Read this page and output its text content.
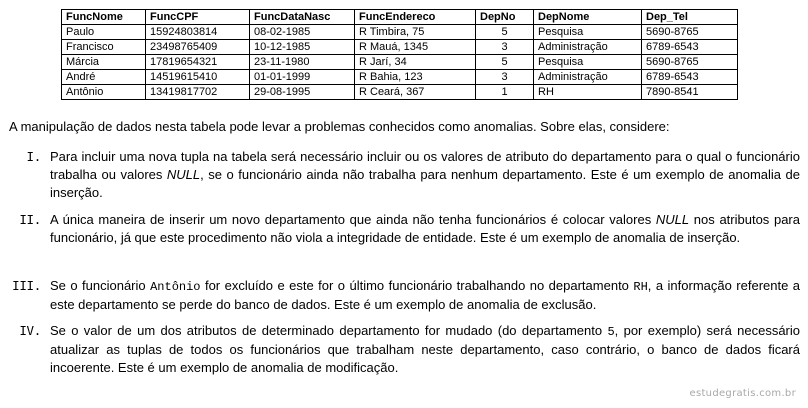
FuncNome	FuncCPF	FuncDataNasc	FuncEndereco	DepNo	DepNome	Dep_Tel
Paulo	15924803814	08-02-1985	R Timbira, 75	5	Pesquisa	5690-8765
Francisco	23498765409	10-12-1985	R Mauá, 1345	3	Administração	6789-6543
Márcia	17819654321	23-11-1980	R Jarí, 34	5	Pesquisa	5690-8765
André	14519615410	01-01-1999	R Bahia, 123	3	Administração	6789-6543
Antônio	13419817702	29-08-1995	R Ceará, 367	1	RH	7890-8541

A manipulação de dados nesta tabela pode levar a problemas conhecidos como anomalias. Sobre elas, considere:

I. Para incluir uma nova tupla na tabela será necessário incluir ou os valores de atributo do departamento para o qual o funcionário trabalha ou valores NULL, se o funcionário ainda não trabalha para nenhum departamento. Este é um exemplo de anomalia de inserção.
II. A única maneira de inserir um novo departamento que ainda não tenha funcionários é colocar valores NULL nos atributos para funcionário, já que este procedimento não viola a integridade de entidade. Este é um exemplo de anomalia de inserção.
III. Se o funcionário Antônio for excluído e este for o último funcionário trabalhando no departamento RH, a informação referente a este departamento se perde do banco de dados. Este é um exemplo de anomalia de exclusão.
IV. Se o valor de um dos atributos de determinado departamento for mudado (do departamento 5, por exemplo) será necessário atualizar as tuplas de todos os funcionários que trabalham neste departamento, caso contrário, o banco de dados ficará incoerente. Este é um exemplo de anomalia de modificação.
estudegratis.com.br
